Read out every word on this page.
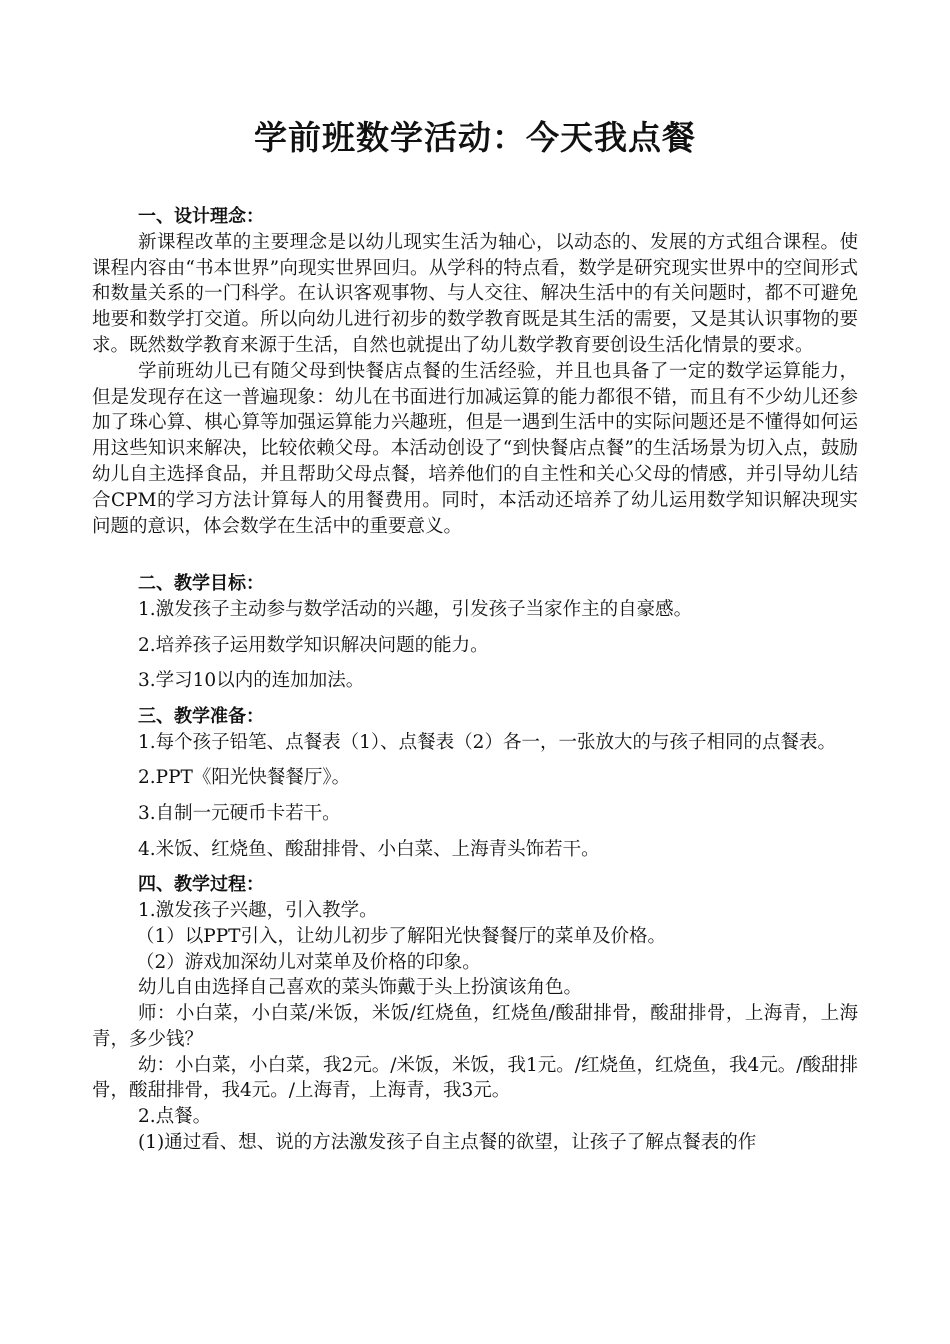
学前班数学活动：今天我点餐

一、设计理念：

新课程改革的主要理念是以幼儿现实生活为轴心，以动态的、发展的方式组合课程。使课程内容由“书本世界”向现实世界回归。从学科的特点看，数学是研究现实世界中的空间形式和数量关系的一门科学。在认识客观事物、与人交往、解决生活中的有关问题时，都不可避免地要和数学打交道。所以向幼儿进行初步的数学教育既是其生活的需要，又是其认识事物的要求。既然数学教育来源于生活，自然也就提出了幼儿数学教育要创设生活化情景的要求。

学前班幼儿已有随父母到快餐店点餐的生活经验，并且也具备了一定的数学运算能力，但是发现存在这一普遍现象：幼儿在书面进行加减运算的能力都很不错，而且有不少幼儿还参加了珠心算、棋心算等加强运算能力兴趣班，但是一遇到生活中的实际问题还是不懂得如何运用这些知识来解决，比较依赖父母。本活动创设了“到快餐店点餐”的生活场景为切入点，鼓励幼儿自主选择食品，并且帮助父母点餐，培养他们的自主性和关心父母的情感，并引导幼儿结合CPM的学习方法计算每人的用餐费用。同时，本活动还培养了幼儿运用数学知识解决现实问题的意识，体会数学在生活中的重要意义。

二、教学目标：

1.激发孩子主动参与数学活动的兴趣，引发孩子当家作主的自豪感。

2.培养孩子运用数学知识解决问题的能力。

3.学习10以内的连加加法。

三、教学准备：

1.每个孩子铅笔、点餐表（1）、点餐表（2）各一，一张放大的与孩子相同的点餐表。

2.PPT《阳光快餐餐厅》。

3.自制一元硬币卡若干。

4.米饭、红烧鱼、酸甜排骨、小白菜、上海青头饰若干。

四、教学过程：

1.激发孩子兴趣，引入教学。

（1）以PPT引入，让幼儿初步了解阳光快餐餐厅的菜单及价格。

（2）游戏加深幼儿对菜单及价格的印象。

幼儿自由选择自己喜欢的菜头饰戴于头上扮演该角色。

师：小白菜，小白菜/米饭，米饭/红烧鱼，红烧鱼/酸甜排骨，酸甜排骨，上海青，上海青，多少钱？

幼：小白菜，小白菜，我2元。/米饭，米饭，我1元。/红烧鱼，红烧鱼，我4元。/酸甜排骨，酸甜排骨，我4元。/上海青，上海青，我3元。

2.点餐。

(1)通过看、想、说的方法激发孩子自主点餐的欲望，让孩子了解点餐表的作
